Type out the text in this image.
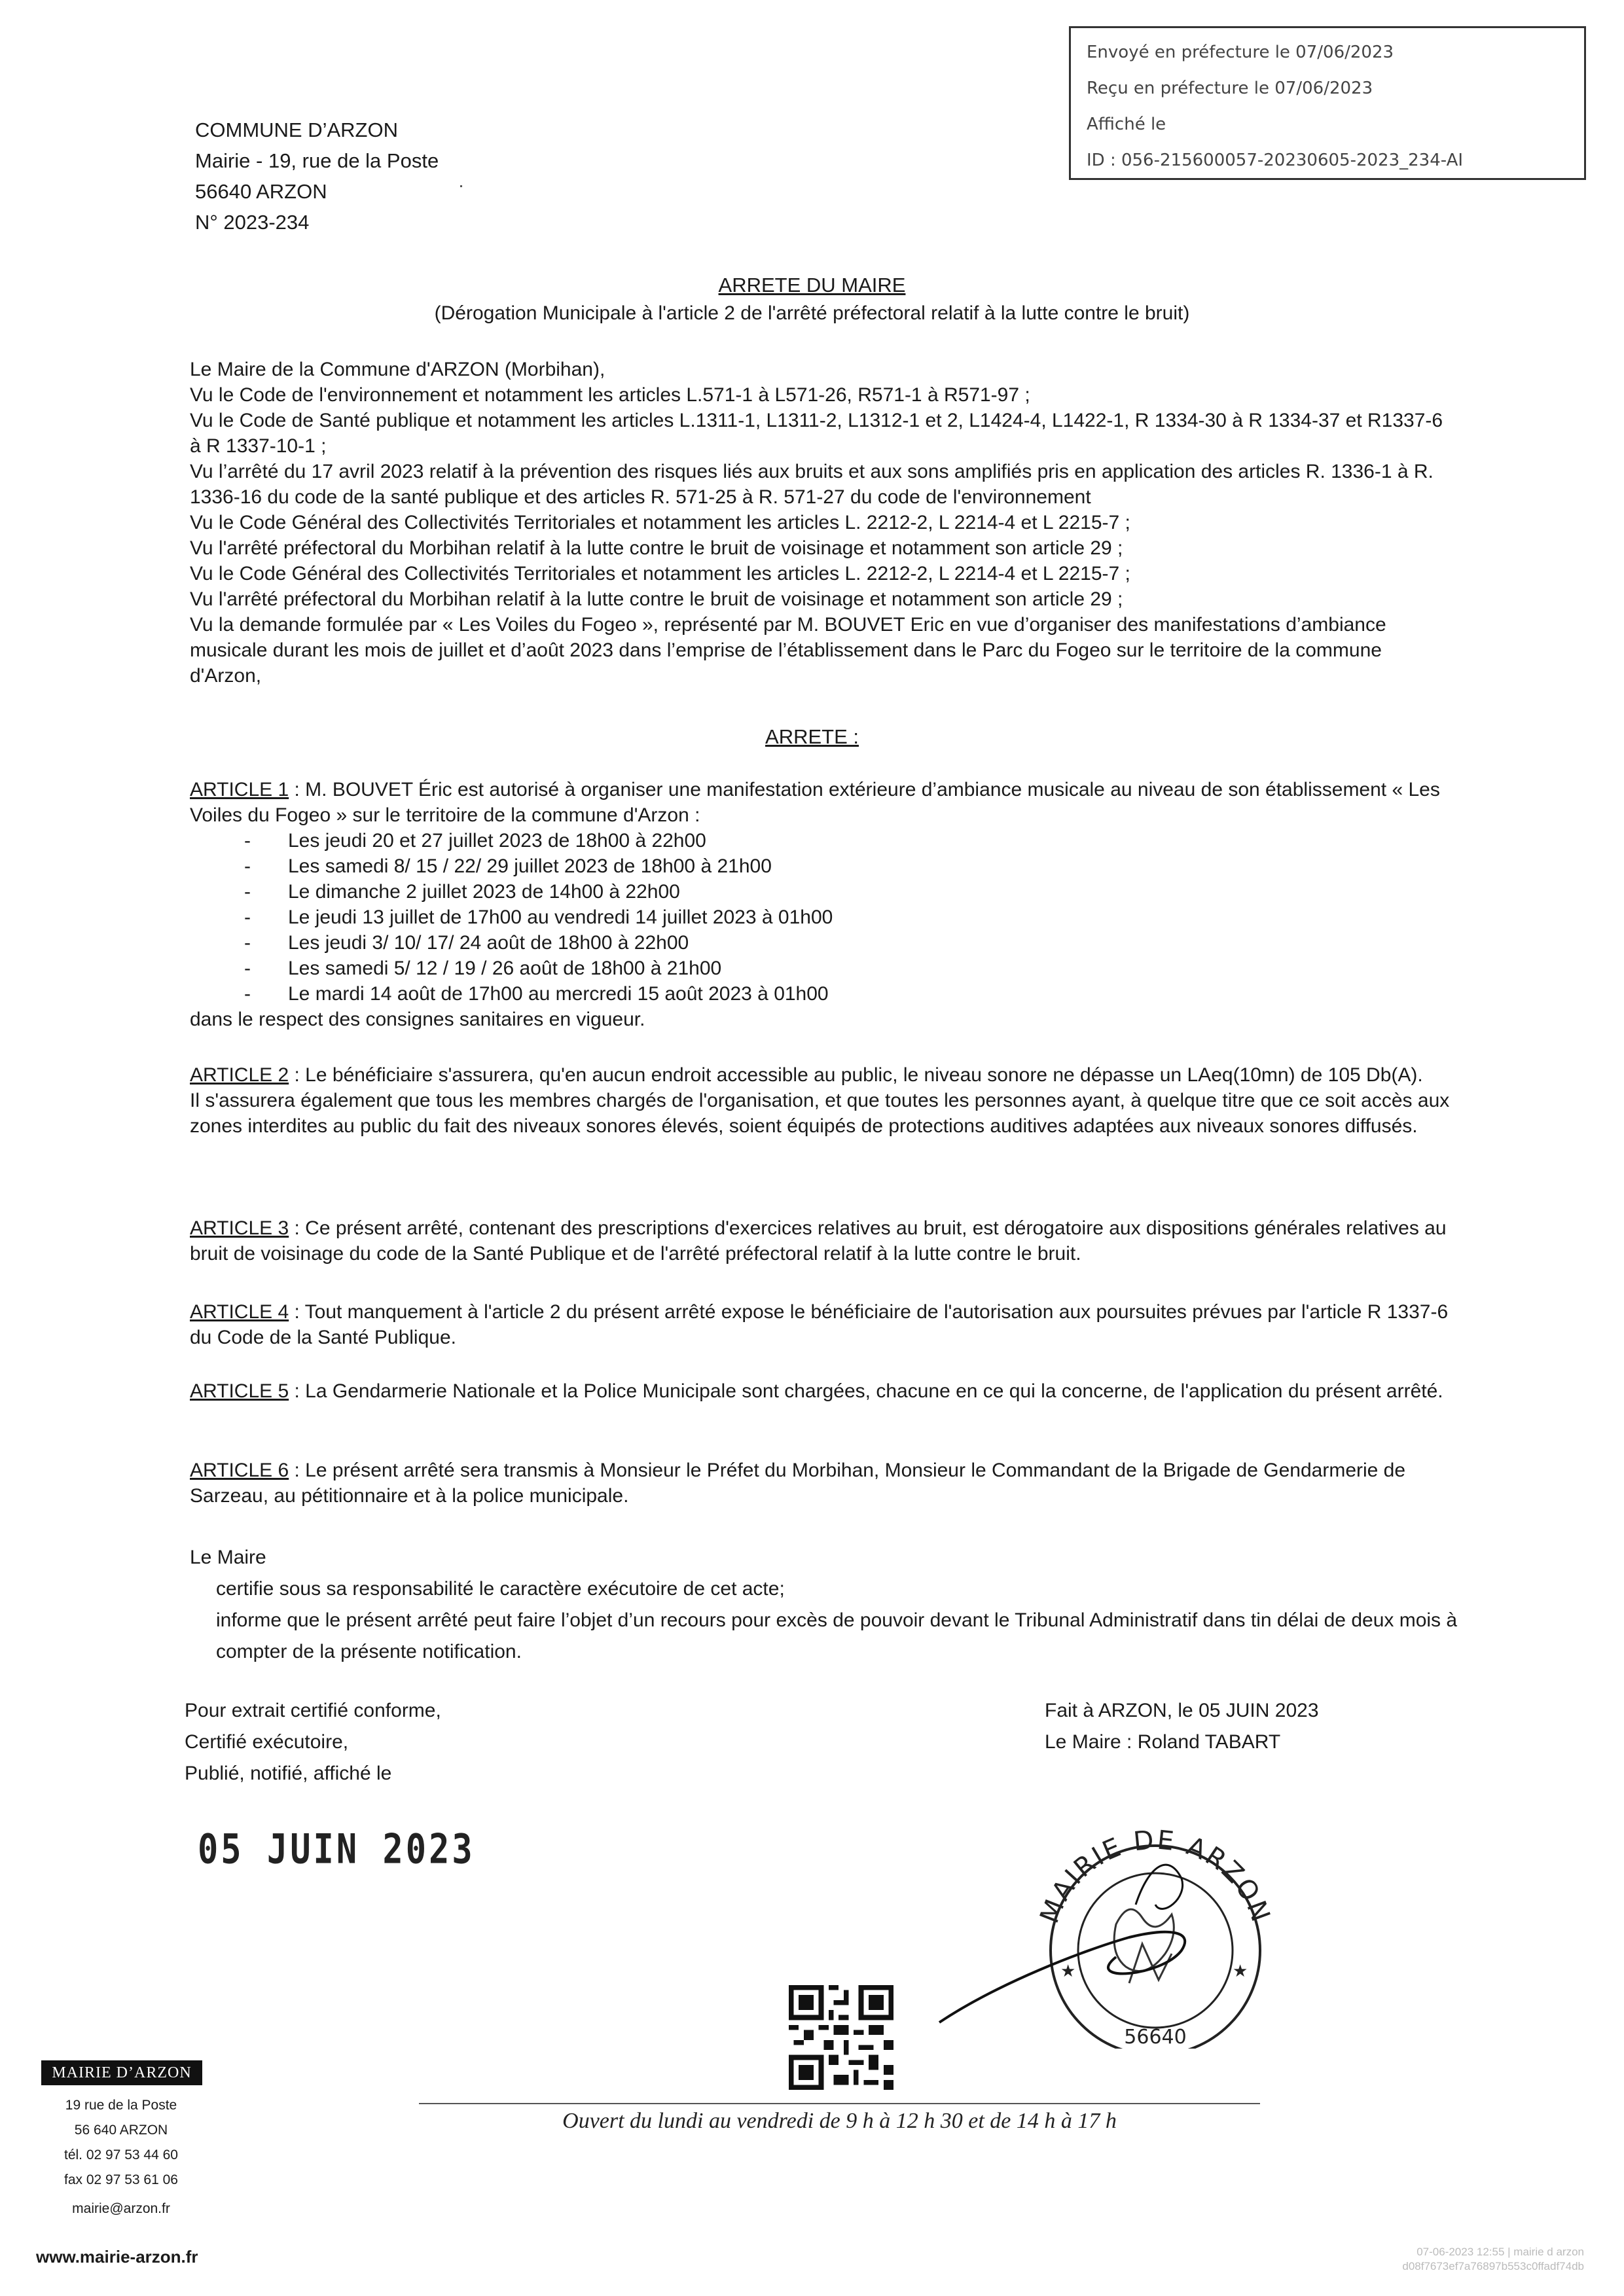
Envoyé en préfecture le 07/06/2023
Reçu en préfecture le 07/06/2023
Affiché le
ID : 056-215600057-20230605-2023_234-AI
COMMUNE D’ARZON
Mairie - 19, rue de la Poste
56640 ARZON
N° 2023-234
ARRETE DU MAIRE
(Dérogation Municipale à l'article 2 de l'arrêté préfectoral relatif à la lutte contre le bruit)

Le Maire de la Commune d'ARZON (Morbihan),

Vu le Code de l'environnement et notamment les articles L.571-1 à L571-26, R571-1 à R571-97 ;

Vu le Code de Santé publique et notamment les articles L.1311-1, L1311-2, L1312-1 et 2, L1424-4, L1422-1, R 1334-30 à R 1334-37 et R1337-6 à R 1337-10-1 ;

Vu l’arrêté du 17 avril 2023 relatif à la prévention des risques liés aux bruits et aux sons amplifiés pris en application des articles R. 1336-1 à R. 1336-16 du code de la santé publique et des articles R. 571-25 à R. 571-27 du code de l'environnement

Vu le Code Général des Collectivités Territoriales et notamment les articles L. 2212-2, L 2214-4 et L 2215-7 ;

Vu l'arrêté préfectoral du Morbihan relatif à la lutte contre le bruit de voisinage et notamment son article 29 ;

Vu le Code Général des Collectivités Territoriales et notamment les articles L. 2212-2, L 2214-4 et L 2215-7 ;

Vu l'arrêté préfectoral du Morbihan relatif à la lutte contre le bruit de voisinage et notamment son article 29 ;

Vu la demande formulée par « Les Voiles du Fogeo », représenté par M. BOUVET Eric en vue d’organiser des manifestations d’ambiance musicale durant les mois de juillet et d’août 2023 dans l’emprise de l’établissement dans le Parc du Fogeo sur le territoire de la commune d'Arzon,

ARRETE :

ARTICLE 1 : M. BOUVET Éric est autorisé à organiser une manifestation extérieure d’ambiance musicale au niveau de son établissement « Les Voiles du Fogeo » sur le territoire de la commune d'Arzon :

- Les jeudi 20 et 27 juillet 2023 de 18h00 à 22h00
- Les samedi 8/ 15 / 22/ 29 juillet 2023 de 18h00 à 21h00
- Le dimanche 2 juillet 2023 de 14h00 à 22h00
- Le jeudi 13 juillet de 17h00 au vendredi 14 juillet 2023 à 01h00
- Les jeudi 3/ 10/ 17/ 24 août de 18h00 à 22h00
- Les samedi 5/ 12 / 19 / 26 août de 18h00 à 21h00
- Le mardi 14 août de 17h00 au mercredi 15 août 2023 à 01h00

dans le respect des consignes sanitaires en vigueur.

ARTICLE 2 : Le bénéficiaire s'assurera, qu'en aucun endroit accessible au public, le niveau sonore ne dépasse un LAeq(10mn) de 105 Db(A).

Il s'assurera également que tous les membres chargés de l'organisation, et que toutes les personnes ayant, à quelque titre que ce soit accès aux zones interdites au public du fait des niveaux sonores élevés, soient équipés de protections auditives adaptées aux niveaux sonores diffusés.

ARTICLE 3 : Ce présent arrêté, contenant des prescriptions d'exercices relatives au bruit, est dérogatoire aux dispositions générales relatives au bruit de voisinage du code de la Santé Publique et de l'arrêté préfectoral relatif à la lutte contre le bruit.

ARTICLE 4 : Tout manquement à l'article 2 du présent arrêté expose le bénéficiaire de l'autorisation aux poursuites prévues par l'article R 1337-6 du Code de la Santé Publique.

ARTICLE 5 : La Gendarmerie Nationale et la Police Municipale sont chargées, chacune en ce qui la concerne, de l'application du présent arrêté.

ARTICLE 6 : Le présent arrêté sera transmis à Monsieur le Préfet du Morbihan, Monsieur le Commandant de la Brigade de Gendarmerie de Sarzeau, au pétitionnaire et à la police municipale.

Le Maire
certifie sous sa responsabilité le caractère exécutoire de cet acte;
informe que le présent arrêté peut faire l’objet d’un recours pour excès de pouvoir devant le Tribunal Administratif dans tin délai de deux mois à compter de la présente notification.
Pour extrait certifié conforme,
Certifié exécutoire,
Publié, notifié, affiché le
05 JUIN 2023
Fait à ARZON, le 05 JUIN 2023
Le Maire : Roland TABART
MAIRIE DE ARZON
56640
★	★
MAIRIE D’ARZON
19 rue de la Poste
56 640 ARZON
tél. 02 97 53 44 60
fax 02 97 53 61 06
mairie@arzon.fr
www.mairie-arzon.fr
Ouvert du lundi au vendredi de 9 h à 12 h 30 et de 14 h à 17 h
07-06-2023 12:55 | mairie d arzon
d08f7673ef7a76897b553c0ffadf74db
